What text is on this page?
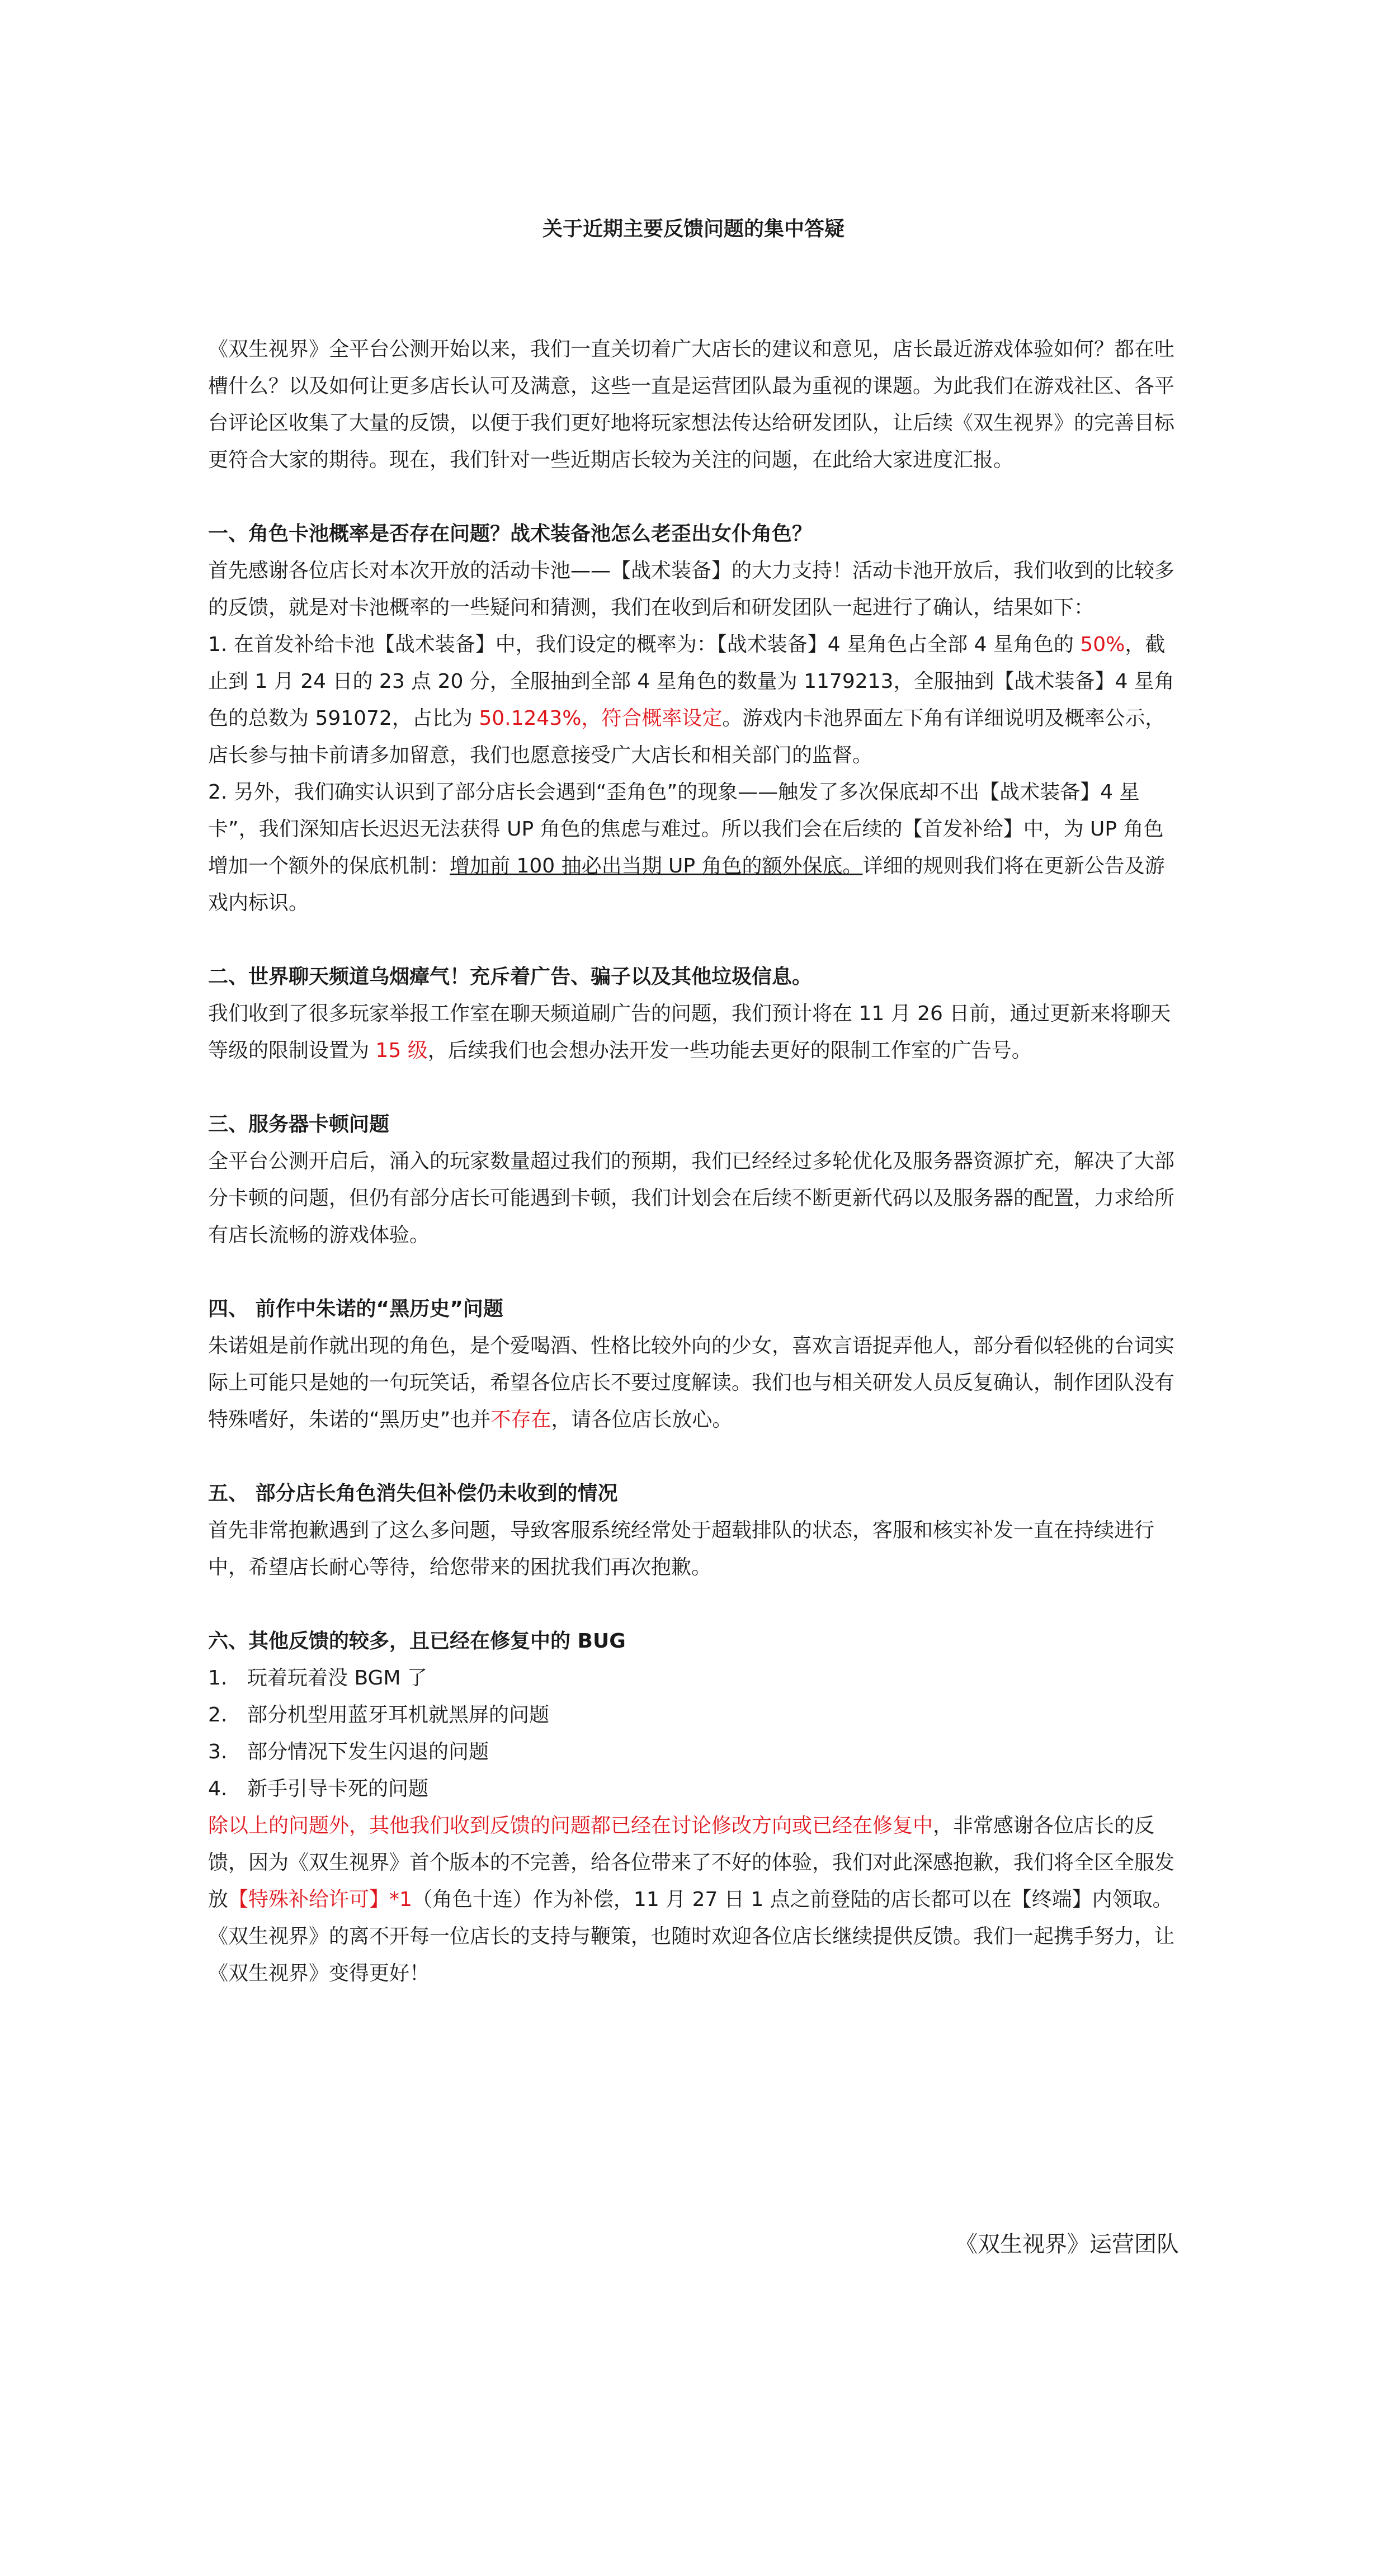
关于近期主要反馈问题的集中答疑

《双生视界》全平台公测开始以来，我们一直关切着广大店长的建议和意见，店长最近游戏体验如何？都在吐槽什么？以及如何让更多店长认可及满意，这些一直是运营团队最为重视的课题。为此我们在游戏社区、各平台评论区收集了大量的反馈，以便于我们更好地将玩家想法传达给研发团队，让后续《双生视界》的完善目标更符合大家的期待。现在，我们针对一些近期店长较为关注的问题，在此给大家进度汇报。

一、角色卡池概率是否存在问题？战术装备池怎么老歪出女仆角色？

首先感谢各位店长对本次开放的活动卡池——【战术装备】的大力支持！活动卡池开放后，我们收到的比较多的反馈，就是对卡池概率的一些疑问和猜测，我们在收到后和研发团队一起进行了确认，结果如下：

1. 在首发补给卡池【战术装备】中，我们设定的概率为：【战术装备】4 星角色占全部 4 星角色的 50%，截止到 1 月 24 日的 23 点 20 分，全服抽到全部 4 星角色的数量为 1179213，全服抽到【战术装备】4 星角色的总数为 591072，占比为 50.1243%，符合概率设定。游戏内卡池界面左下角有详细说明及概率公示，店长参与抽卡前请多加留意，我们也愿意接受广大店长和相关部门的监督。

2. 另外，我们确实认识到了部分店长会遇到“歪角色”的现象——触发了多次保底却不出【战术装备】4 星卡”，我们深知店长迟迟无法获得 UP 角色的焦虑与难过。所以我们会在后续的【首发补给】中，为 UP 角色增加一个额外的保底机制：增加前 100 抽必出当期 UP 角色的额外保底。详细的规则我们将在更新公告及游戏内标识。

二、世界聊天频道乌烟瘴气！充斥着广告、骗子以及其他垃圾信息。

我们收到了很多玩家举报工作室在聊天频道刷广告的问题，我们预计将在 11 月 26 日前，通过更新来将聊天等级的限制设置为 15 级，后续我们也会想办法开发一些功能去更好的限制工作室的广告号。

三、服务器卡顿问题

全平台公测开启后，涌入的玩家数量超过我们的预期，我们已经经过多轮优化及服务器资源扩充，解决了大部分卡顿的问题，但仍有部分店长可能遇到卡顿，我们计划会在后续不断更新代码以及服务器的配置，力求给所有店长流畅的游戏体验。

四、 前作中朱诺的“黑历史”问题

朱诺姐是前作就出现的角色，是个爱喝酒、性格比较外向的少女，喜欢言语捉弄他人，部分看似轻佻的台词实际上可能只是她的一句玩笑话，希望各位店长不要过度解读。我们也与相关研发人员反复确认，制作团队没有特殊嗜好，朱诺的“黑历史”也并不存在，请各位店长放心。

五、 部分店长角色消失但补偿仍未收到的情况

首先非常抱歉遇到了这么多问题，导致客服系统经常处于超载排队的状态，客服和核实补发一直在持续进行中，希望店长耐心等待，给您带来的困扰我们再次抱歉。

六、其他反馈的较多，且已经在修复中的 BUG

1. 玩着玩着没 BGM 了
2. 部分机型用蓝牙耳机就黑屏的问题
3. 部分情况下发生闪退的问题
4. 新手引导卡死的问题

除以上的问题外，其他我们收到反馈的问题都已经在讨论修改方向或已经在修复中，非常感谢各位店长的反馈，因为《双生视界》首个版本的不完善，给各位带来了不好的体验，我们对此深感抱歉，我们将全区全服发放【特殊补给许可】*1（角色十连）作为补偿，11 月 27 日 1 点之前登陆的店长都可以在【终端】内领取。

《双生视界》的离不开每一位店长的支持与鞭策，也随时欢迎各位店长继续提供反馈。我们一起携手努力，让《双生视界》变得更好！

《双生视界》运营团队
